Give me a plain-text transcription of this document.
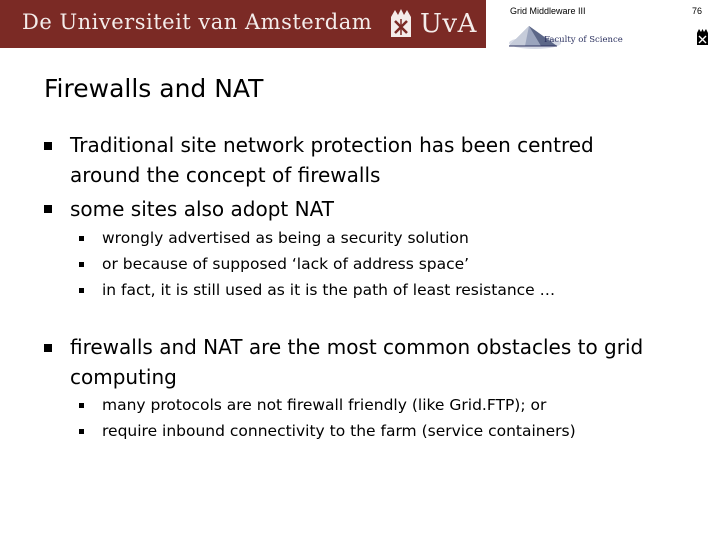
De Universiteit van Amsterdam UvA	Grid Middleware III	76
Faculty of Science
Firewalls and NAT
Traditional site network protection has been centred around the concept of firewalls
some sites also adopt NAT
wrongly advertised as being a security solution
or because of supposed ‘lack of address space’
in fact, it is still used as it is the path of least resistance …
firewalls and NAT are the most common obstacles to grid computing
many protocols are not firewall friendly (like Grid.FTP); or
require inbound connectivity to the farm (service containers)
